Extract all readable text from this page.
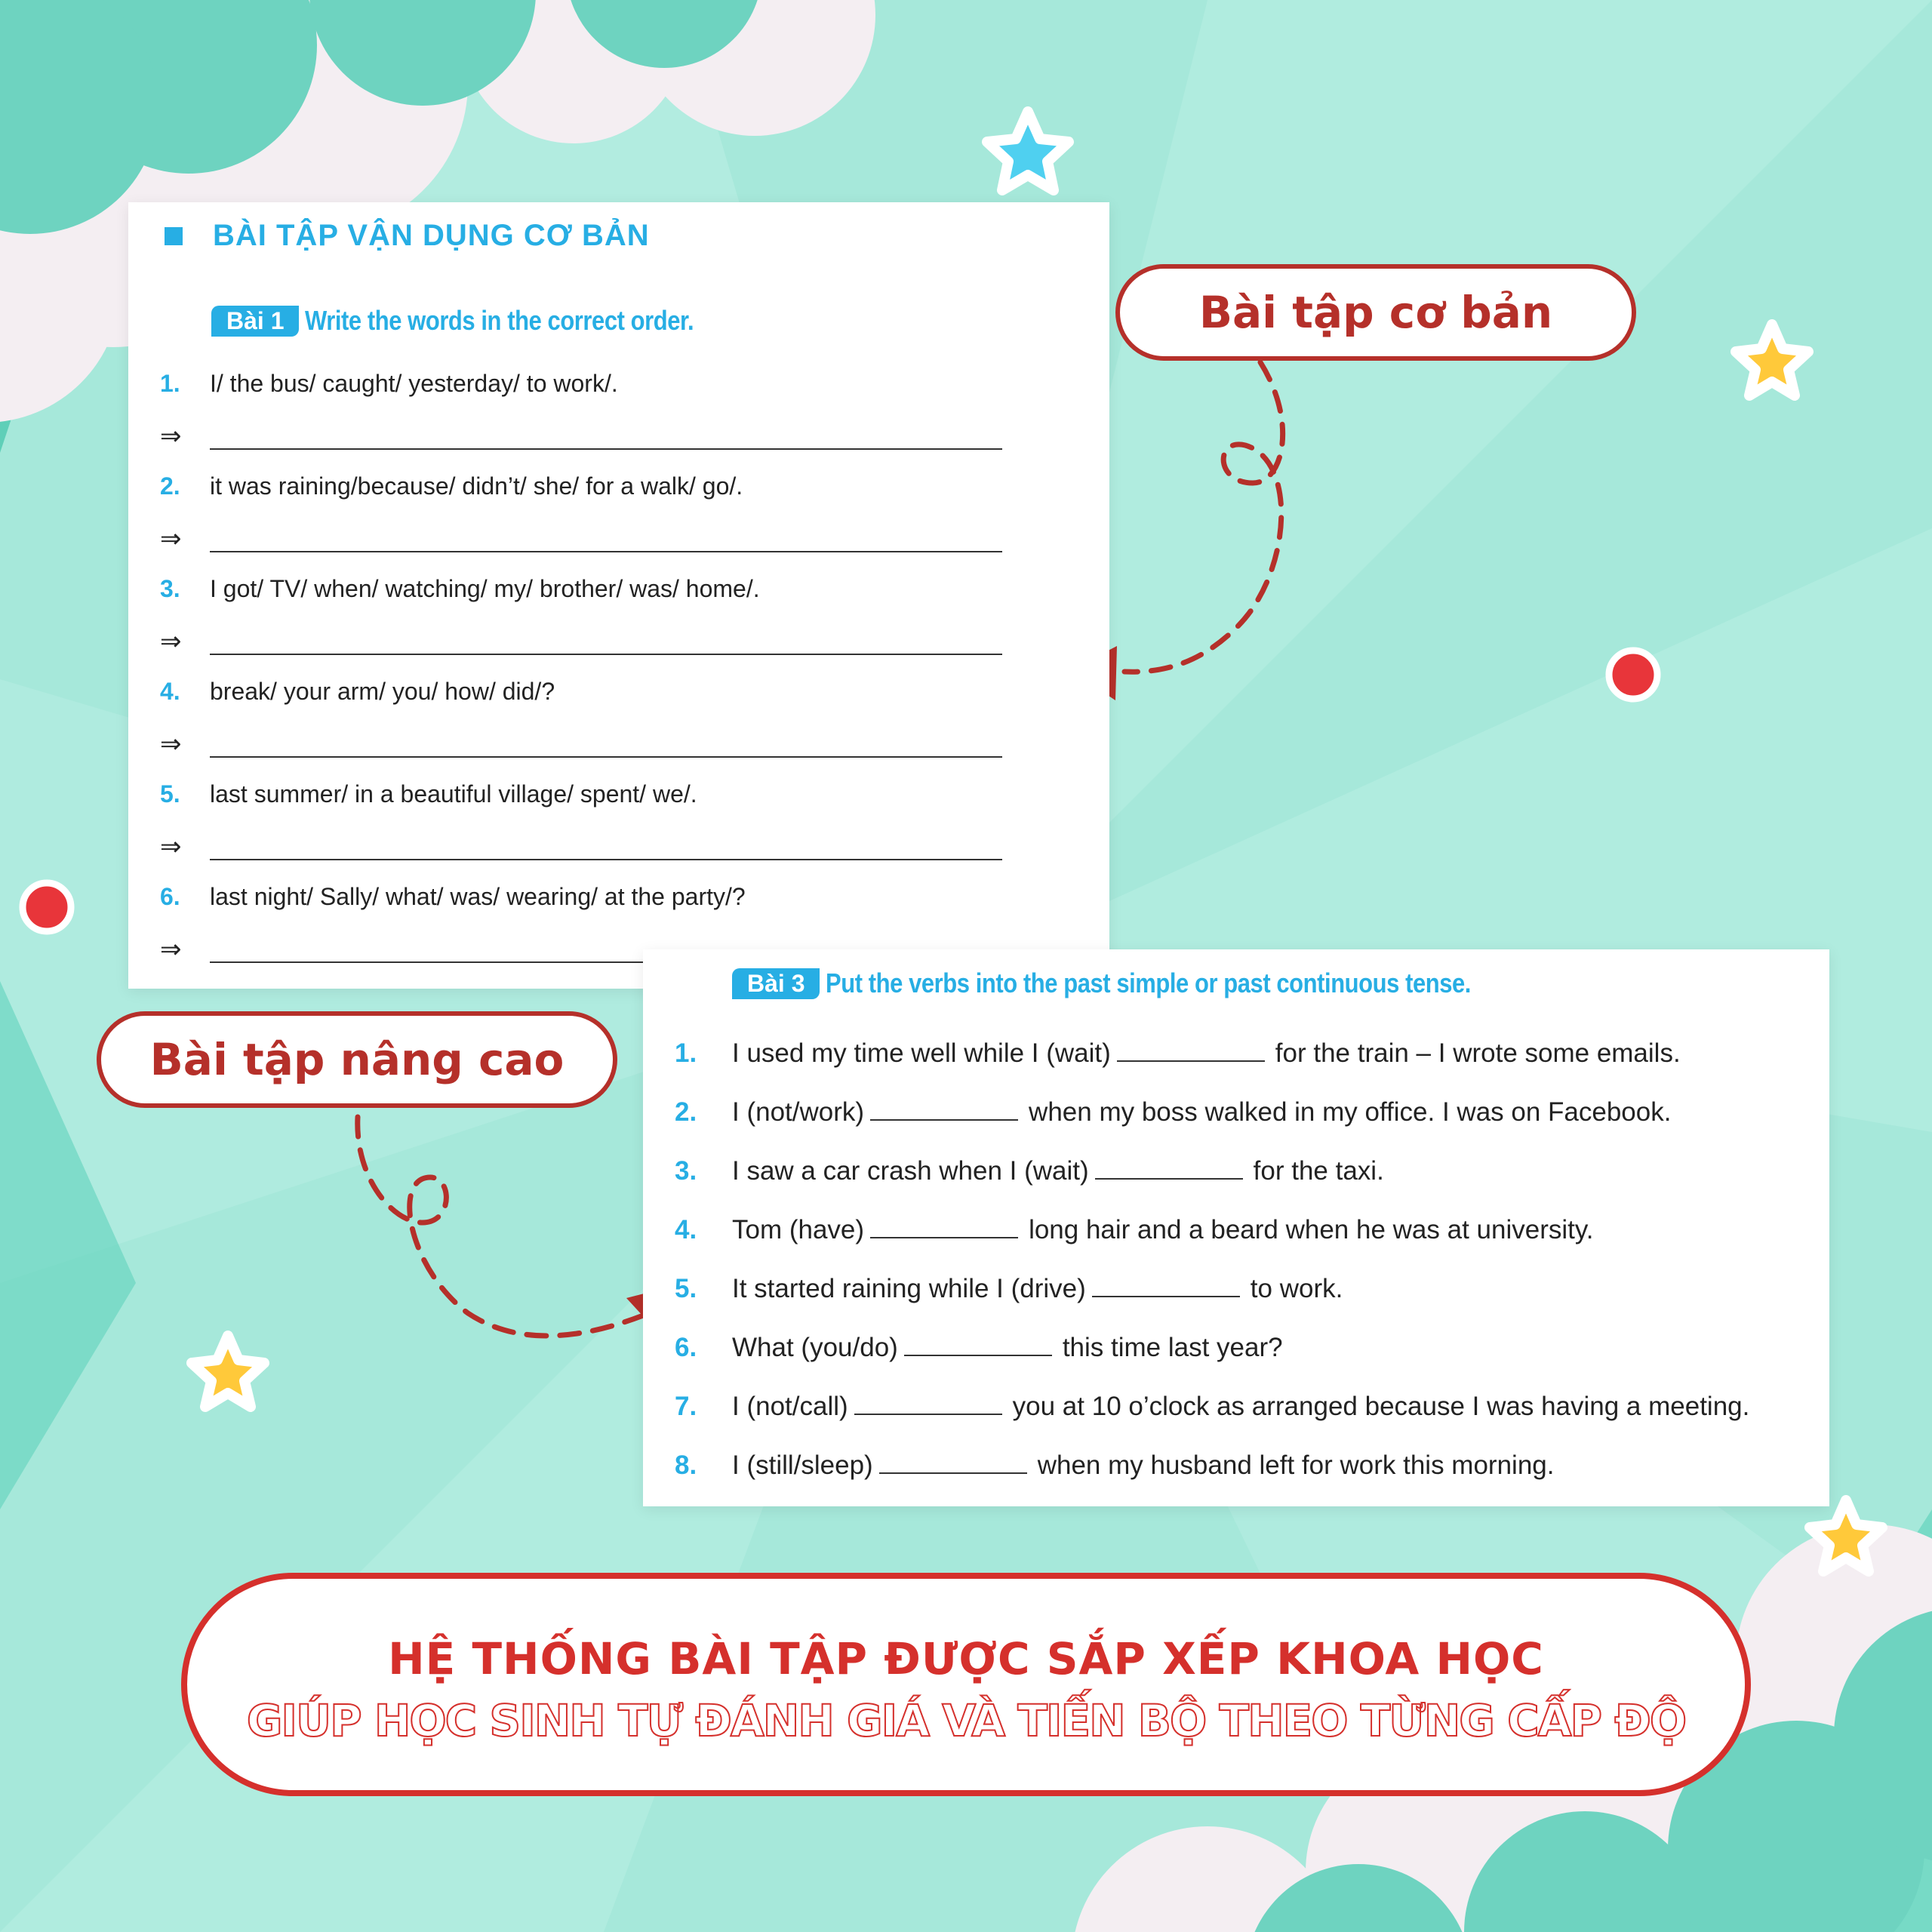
BÀI TẬP VẬN DỤNG CƠ BẢN
Bài 1 Write the words in the correct order.
1. I/ the bus/ caught/ yesterday/ to work/.
⇒
2. it was raining/because/ didn’t/ she/ for a walk/ go/.
⇒
3. I got/ TV/ when/ watching/ my/ brother/ was/ home/.
⇒
4. break/ your arm/ you/ how/ did/?
⇒
5. last summer/ in a beautiful village/ spent/ we/.
⇒
6. last night/ Sally/ what/ was/ wearing/ at the party/?
⇒
Bài 3 Put the verbs into the past simple or past continuous tense.
1. I used my time well while I (wait)	for the train – I wrote some emails.
2. I (not/work)	when my boss walked in my office. I was on Facebook.
3. I saw a car crash when I (wait)	for the taxi.
4. Tom (have)	long hair and a beard when he was at university.
5. It started raining while I (drive)	to work.
6. What (you/do)	this time last year?
7. I (not/call)	you at 10 o’clock as arranged because I was having a meeting.
8. I (still/sleep)	when my husband left for work this morning.
Bài tập cơ bản
Bài tập nâng cao
HỆ THỐNG BÀI TẬP ĐƯỢC SẮP XẾP KHOA HỌC
GIÚP HỌC SINH TỰ ĐÁNH GIÁ VÀ TIẾN BỘ THEO TỪNG CẤP ĐỘ
